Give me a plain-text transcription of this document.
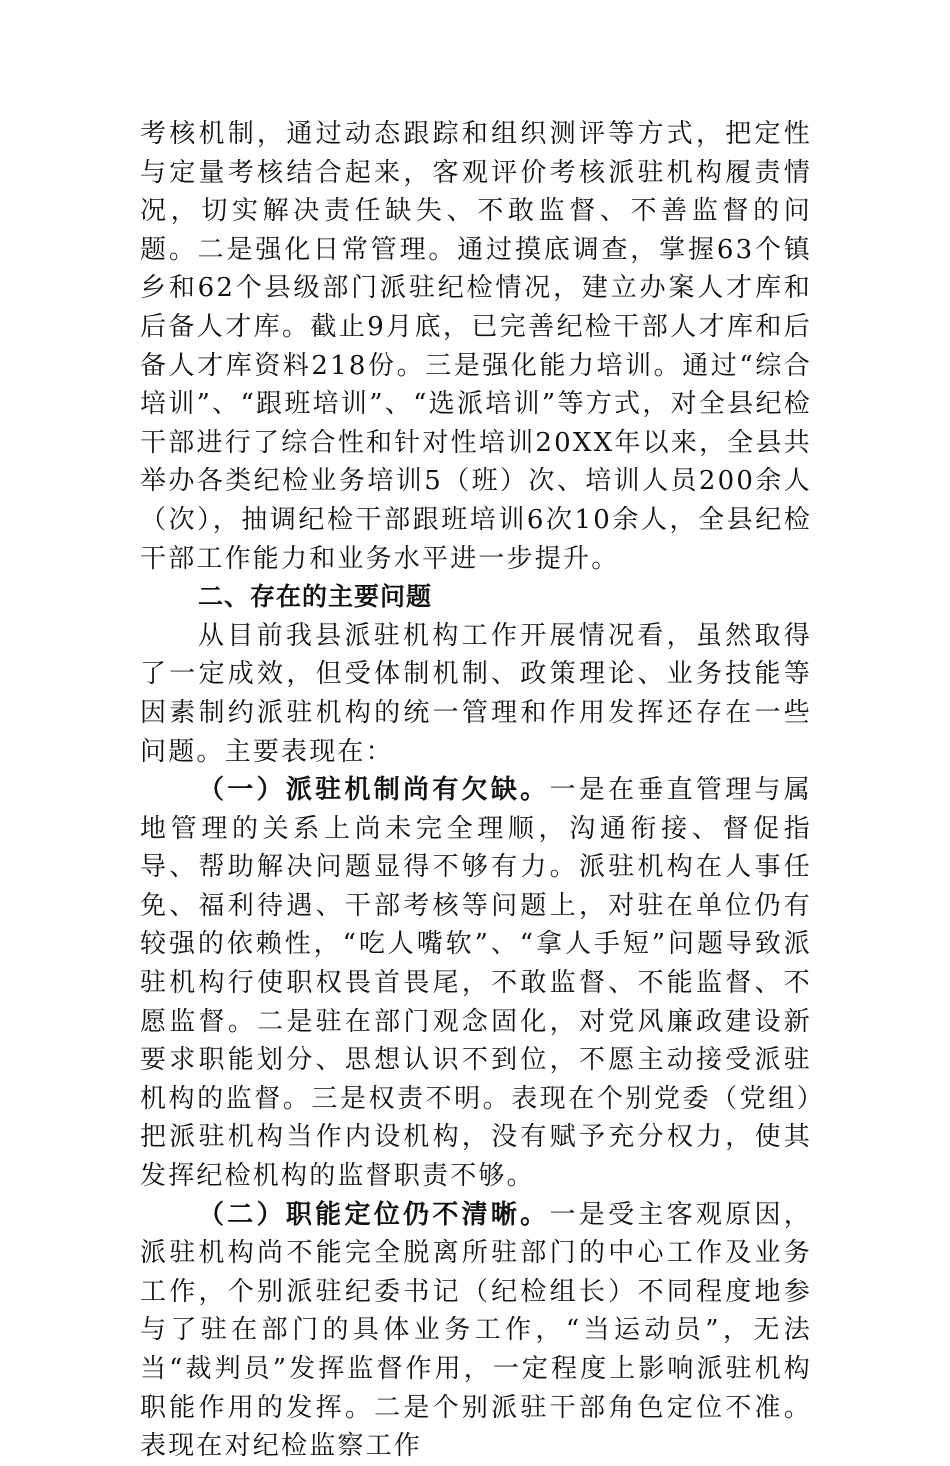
考核机制，通过动态跟踪和组织测评等方式，把定性与定量考核结合起来，客观评价考核派驻机构履责情况，切实解决责任缺失、不敢监督、不善监督的问题。二是强化日常管理。通过摸底调查，掌握63个镇乡和62个县级部门派驻纪检情况，建立办案人才库和后备人才库。截止9月底，已完善纪检干部人才库和后备人才库资料218份。三是强化能力培训。通过“综合培训”、“跟班培训”、“选派培训”等方式，对全县纪检干部进行了综合性和针对性培训20XX年以来，全县共举办各类纪检业务培训5（班）次、培训人员200余人（次），抽调纪检干部跟班培训6次10余人，全县纪检干部工作能力和业务水平进一步提升。

二、存在的主要问题

从目前我县派驻机构工作开展情况看，虽然取得了一定成效，但受体制机制、政策理论、业务技能等因素制约派驻机构的统一管理和作用发挥还存在一些问题。主要表现在：

（一）派驻机制尚有欠缺。一是在垂直管理与属地管理的关系上尚未完全理顺，沟通衔接、督促指导、帮助解决问题显得不够有力。派驻机构在人事任免、福利待遇、干部考核等问题上，对驻在单位仍有较强的依赖性，“吃人嘴软”、“拿人手短”问题导致派驻机构行使职权畏首畏尾，不敢监督、不能监督、不愿监督。二是驻在部门观念固化，对党风廉政建设新要求职能划分、思想认识不到位，不愿主动接受派驻机构的监督。三是权责不明。表现在个别党委（党组）把派驻机构当作内设机构，没有赋予充分权力，使其发挥纪检机构的监督职责不够。

（二）职能定位仍不清晰。一是受主客观原因，派驻机构尚不能完全脱离所驻部门的中心工作及业务工作，个别派驻纪委书记（纪检组长）不同程度地参与了驻在部门的具体业务工作，“当运动员”，无法当“裁判员”发挥监督作用，一定程度上影响派驻机构职能作用的发挥。二是个别派驻干部角色定位不准。表现在对纪检监察工作
